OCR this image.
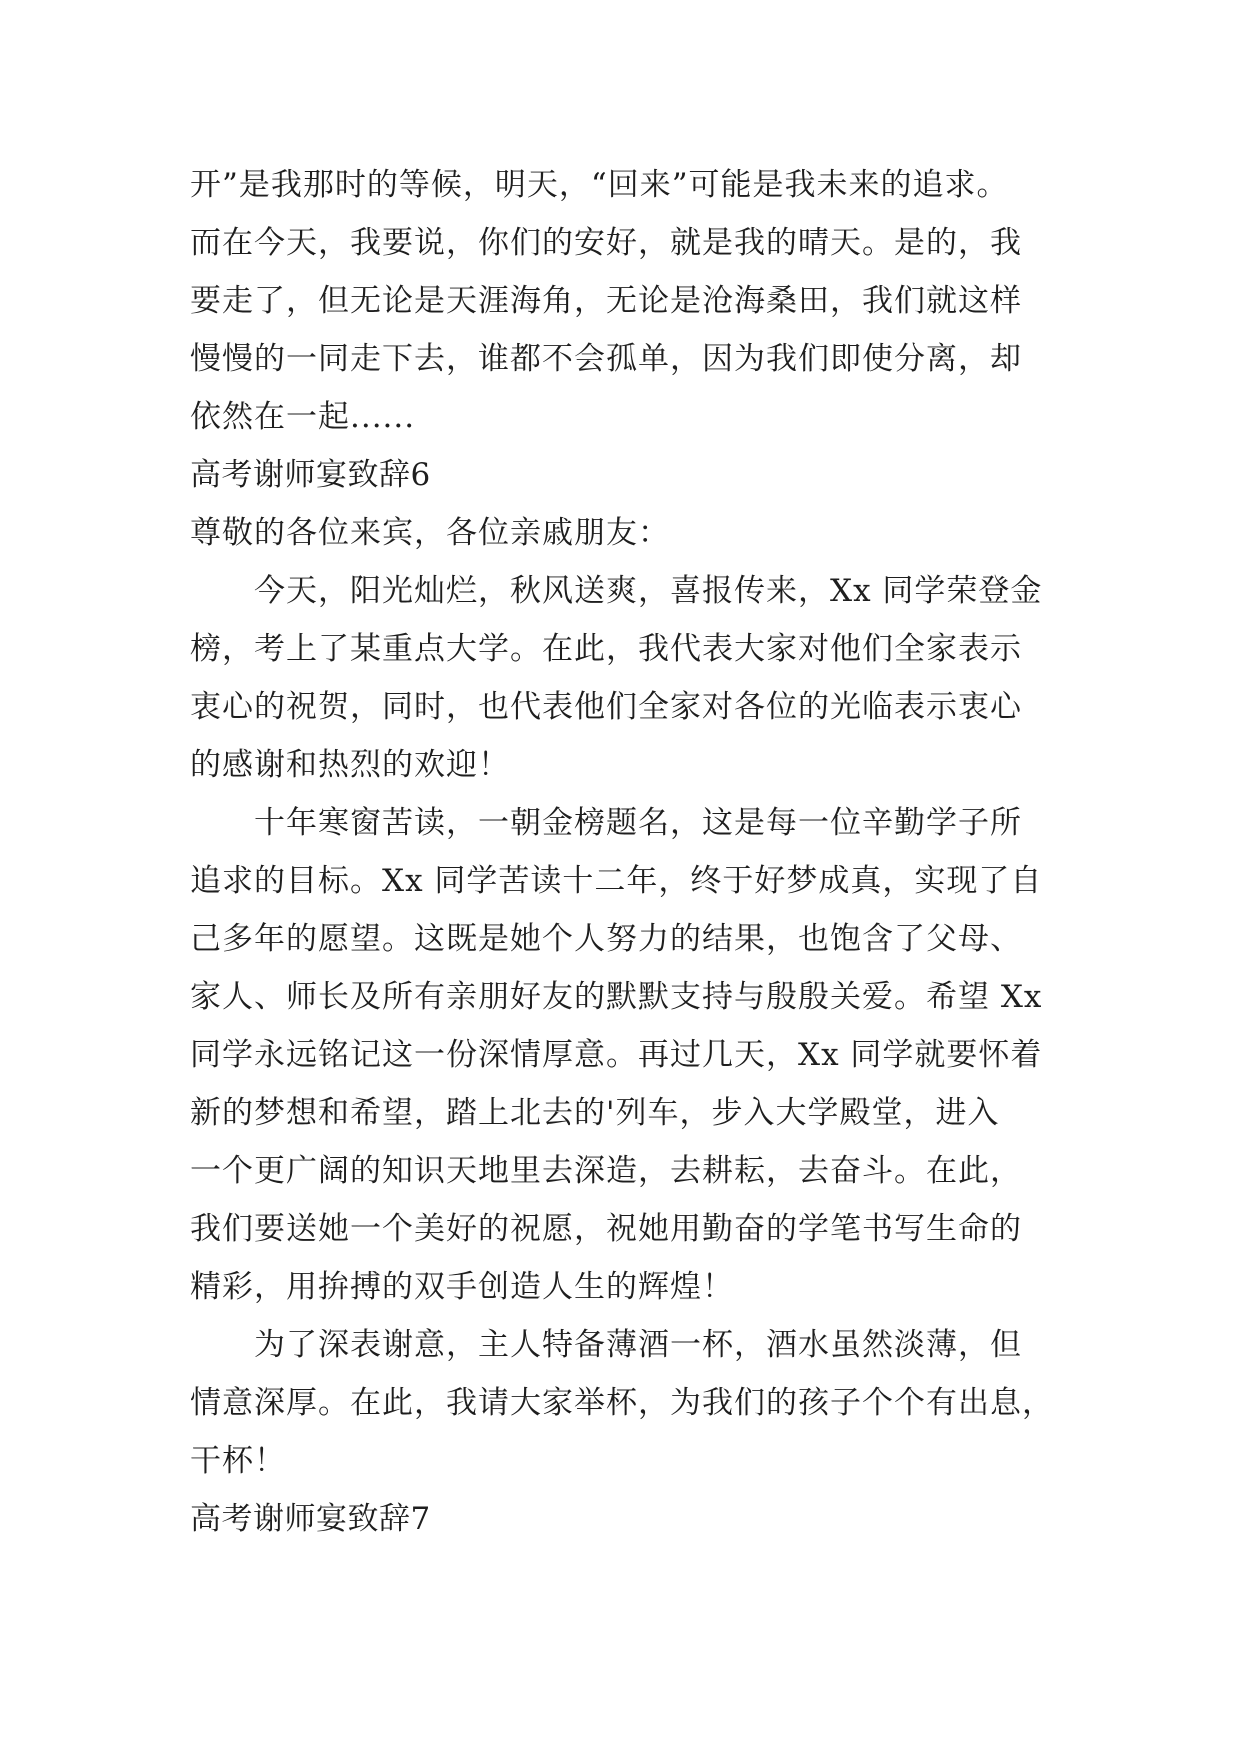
开”是我那时的等候，明天，“回来”可能是我未来的追求。
而在今天，我要说，你们的安好，就是我的晴天。是的，我
要走了，但无论是天涯海角，无论是沧海桑田，我们就这样
慢慢的一同走下去，谁都不会孤单，因为我们即使分离，却
依然在一起......
高考谢师宴致辞6
尊敬的各位来宾，各位亲戚朋友：
今天，阳光灿烂，秋风送爽，喜报传来，Xx 同学荣登金
榜，考上了某重点大学。在此，我代表大家对他们全家表示
衷心的祝贺，同时，也代表他们全家对各位的光临表示衷心
的感谢和热烈的欢迎！
十年寒窗苦读，一朝金榜题名，这是每一位辛勤学子所
追求的目标。Xx 同学苦读十二年，终于好梦成真，实现了自
己多年的愿望。这既是她个人努力的结果，也饱含了父母、
家人、师长及所有亲朋好友的默默支持与殷殷关爱。希望 Xx
同学永远铭记这一份深情厚意。再过几天，Xx 同学就要怀着
新的梦想和希望，踏上北去的'列车，步入大学殿堂，进入
一个更广阔的知识天地里去深造，去耕耘，去奋斗。在此，
我们要送她一个美好的祝愿，祝她用勤奋的学笔书写生命的
精彩，用拚搏的双手创造人生的辉煌！
为了深表谢意，主人特备薄酒一杯，酒水虽然淡薄，但
情意深厚。在此，我请大家举杯，为我们的孩子个个有出息，
干杯！
高考谢师宴致辞7
